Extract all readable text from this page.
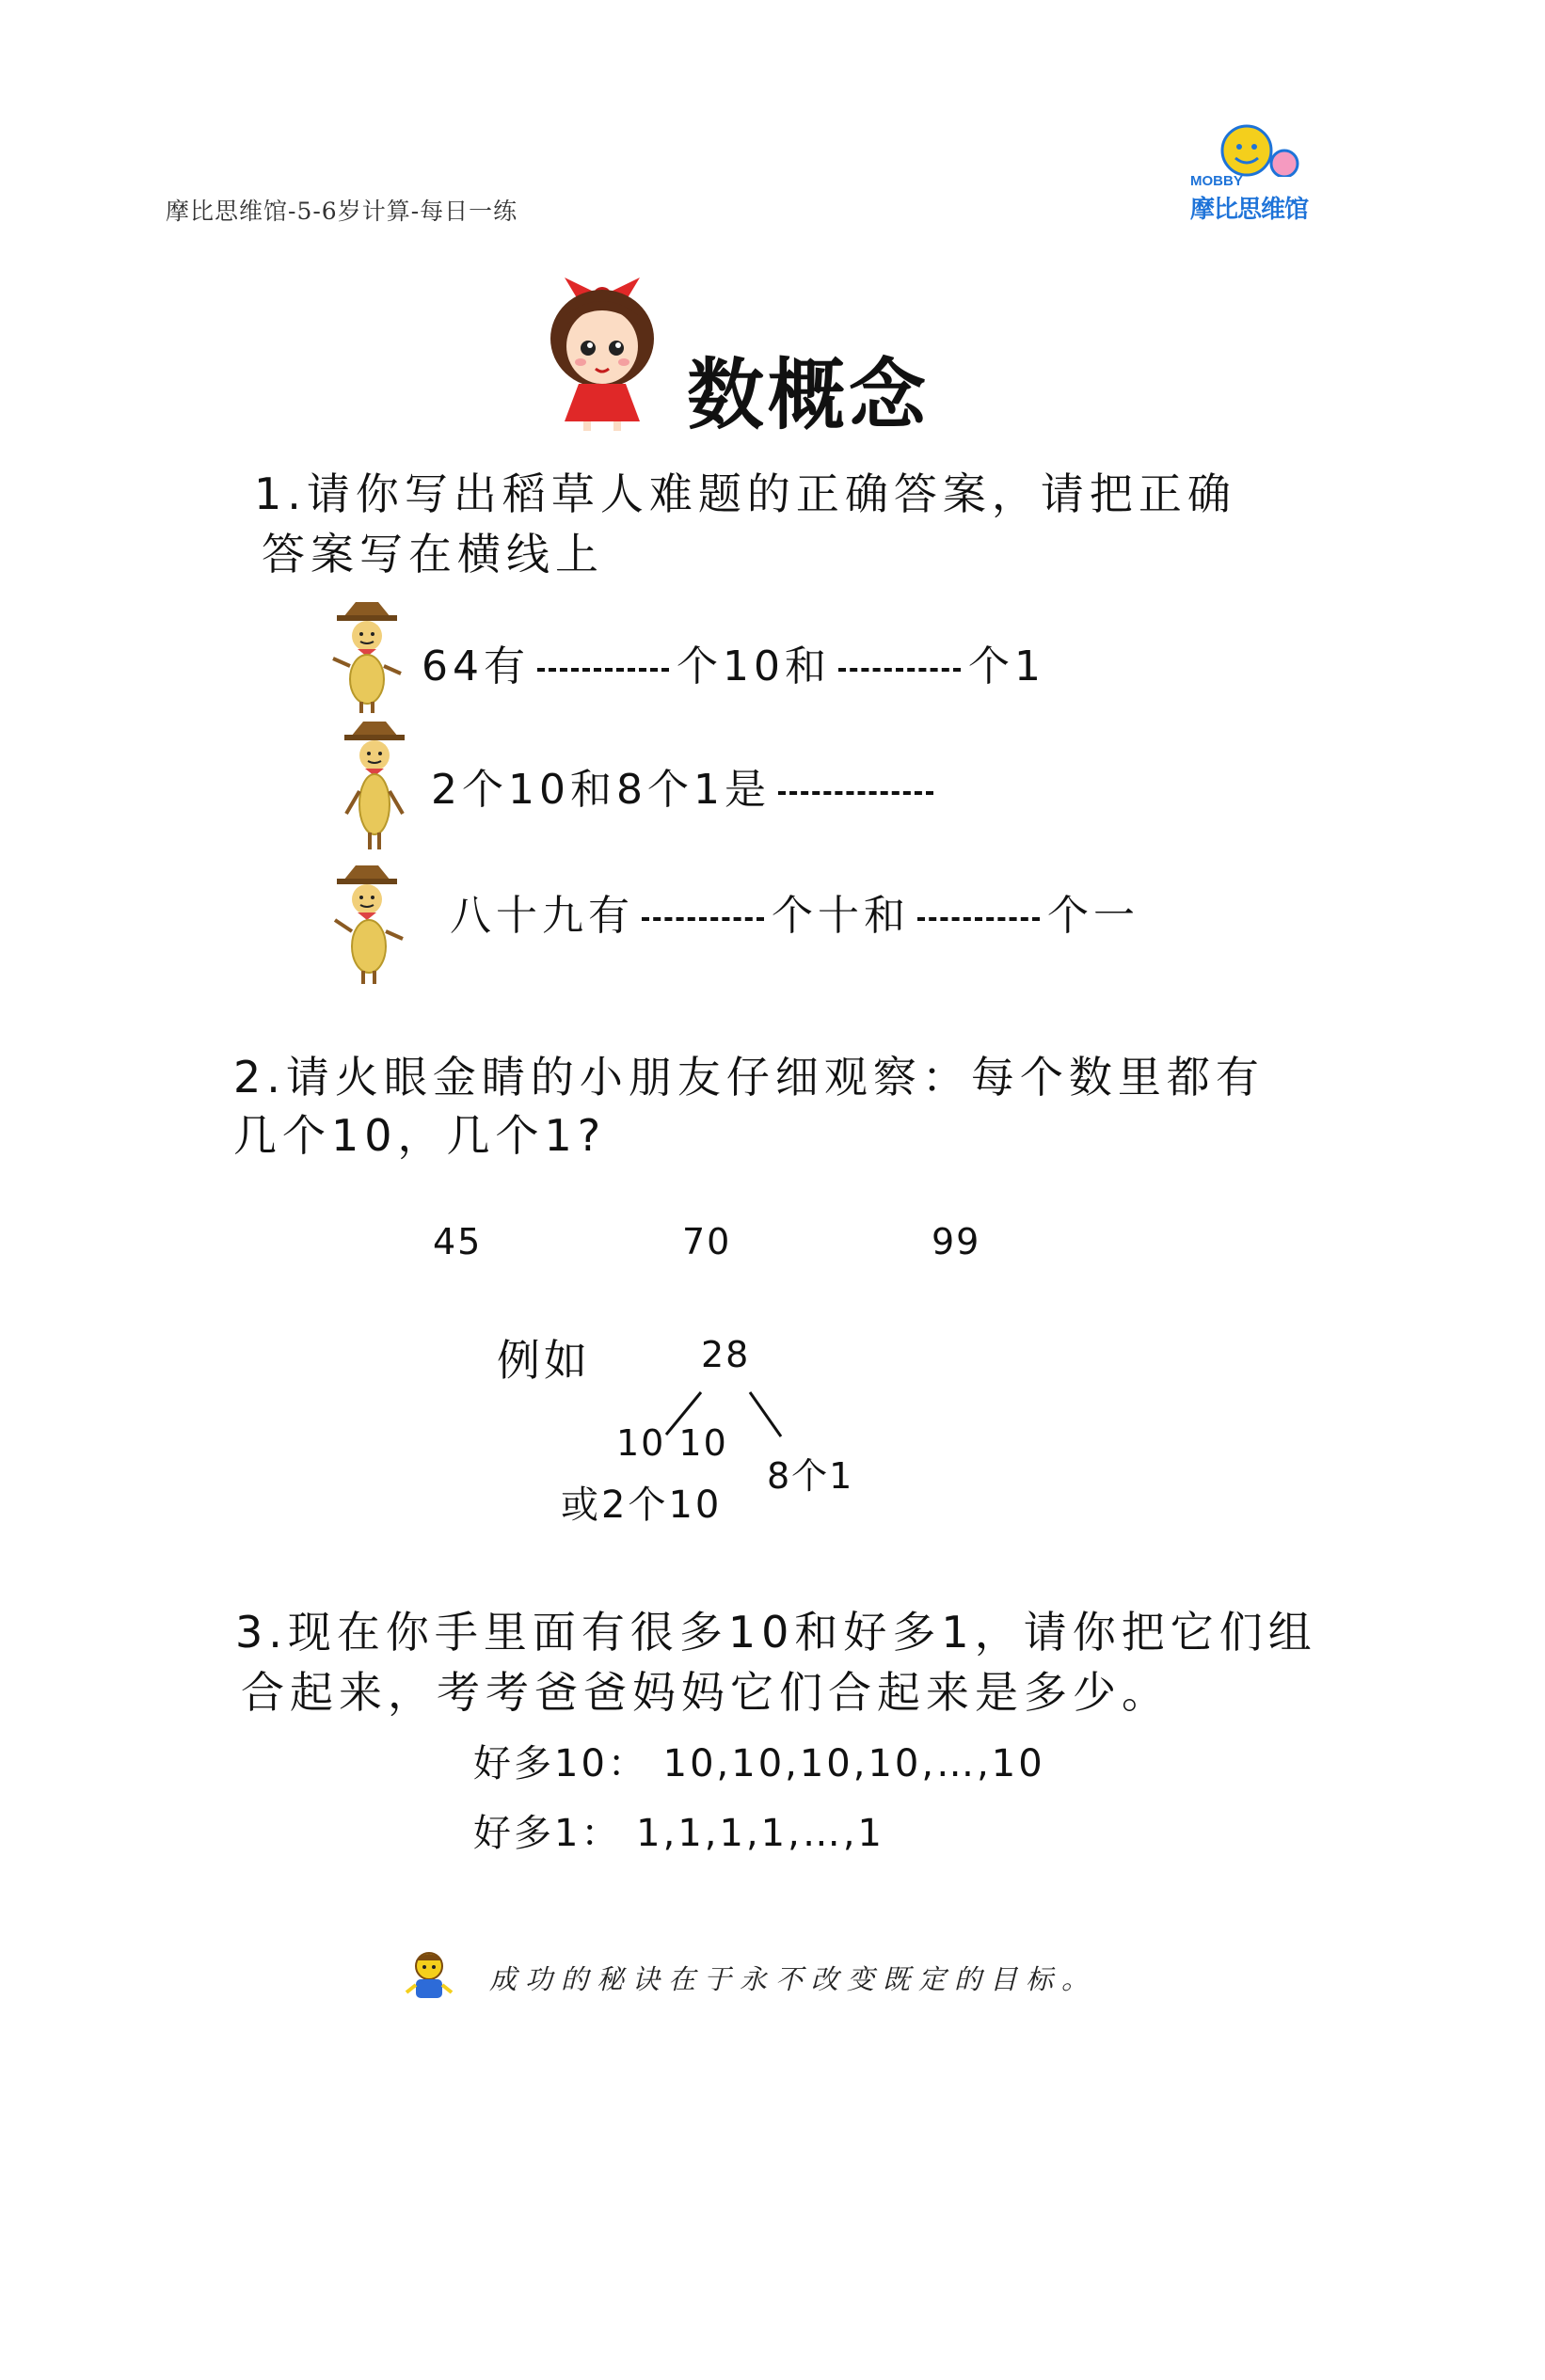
摩比思维馆-5-6岁计算-每日一练
MOBBY
摩比思维馆
数概念
1.请你写出稻草人难题的正确答案，请把正确
答案写在横线上
64有	个10和	个1
2个10和8个1是
八十九有	个十和	个一
2.请火眼金睛的小朋友仔细观察：每个数里都有
几个10，几个1?
45	70	99
例如	28
10 10
8个1
或2个10
3.现在你手里面有很多10和好多1，请你把它们组
合起来，考考爸爸妈妈它们合起来是多少。
好多10： 10,10,10,10,…,10
好多1： 1,1,1,1,…,1
成功的秘诀在于永不改变既定的目标。
